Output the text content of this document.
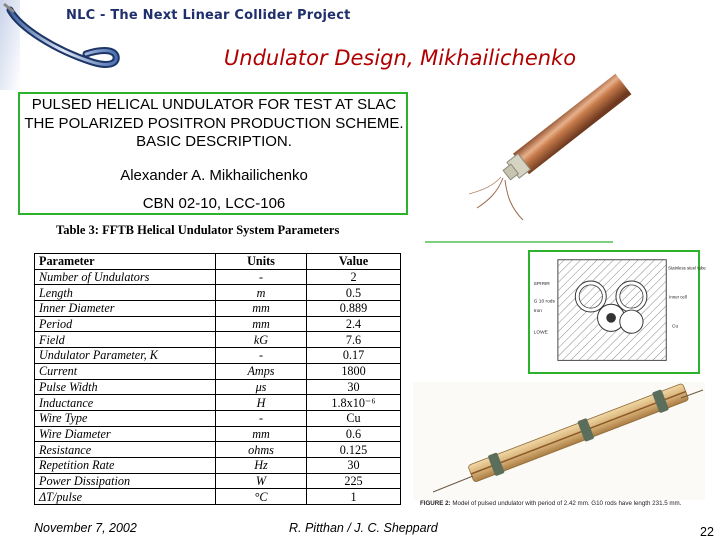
NLC - The Next Linear Collider Project
Undulator Design, Mikhailichenko
PULSED HELICAL UNDULATOR FOR TEST AT SLAC THE POLARIZED POSITRON PRODUCTION SCHEME. BASIC DESCRIPTION.
Alexander A. Mikhailichenko
CBN 02-10, LCC-106
Table 3: FFTB Helical Undulator System Parameters
Parameter	Units	Value
Number of Undulators	-	2
Length	m	0.5
Inner Diameter	mm	0.889
Period	mm	2.4
Field	kG	7.6
Undulator Parameter, K	-	0.17
Current	Amps	1800
Pulse Width	μs	30
Inductance	H	1.8x10⁻⁶
Wire Type	-	Cu
Wire Diameter	mm	0.6
Resistance	ohms	0.125
Repetition Rate	Hz	30
Power Dissipation	W	225
ΔT/pulse	°C	1
SPIRIR
G 10 rods
Iron
Stainless steel tube
Inner cell
LOWE
Cu
FIGURE 2: Model of pulsed undulator with period of 2.42 mm. G10 rods have length 231.5 mm.
November 7, 2002	R. Pitthan / J. C. Sheppard	22
